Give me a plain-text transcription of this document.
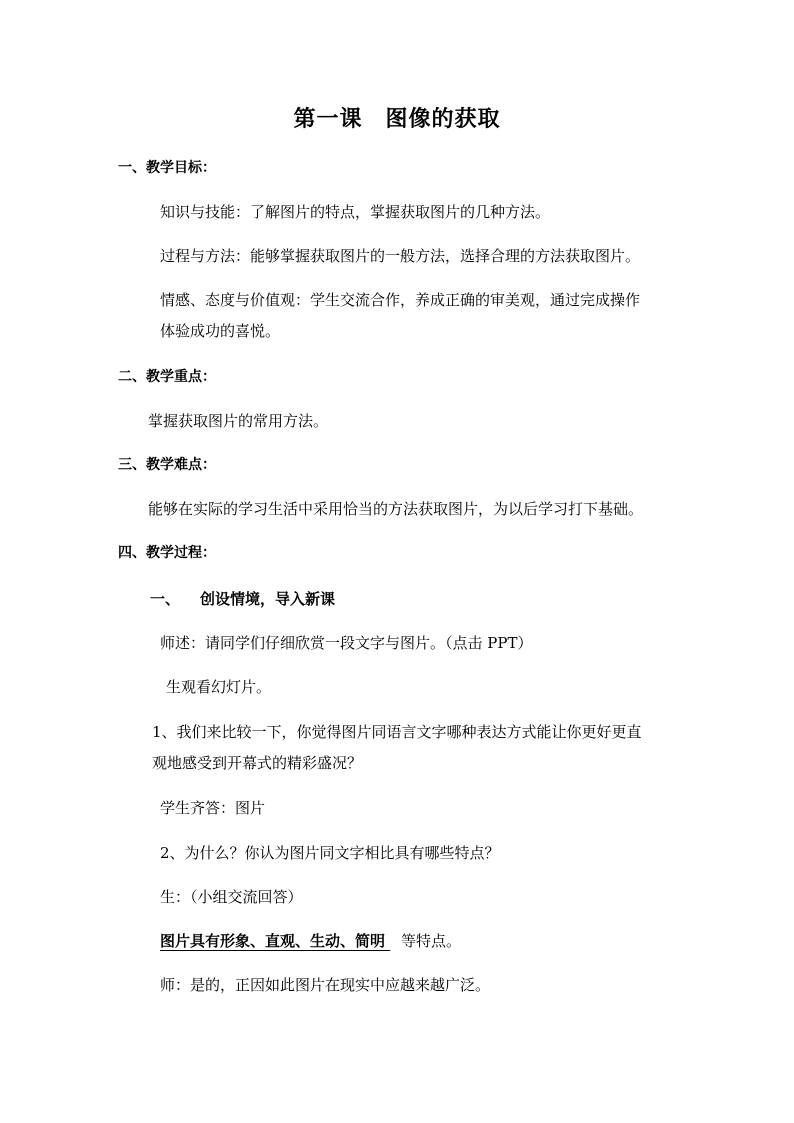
第一课　图像的获取
一、教学目标：
知识与技能：了解图片的特点，掌握获取图片的几种方法。
过程与方法：能够掌握获取图片的一般方法，选择合理的方法获取图片。
情感、态度与价值观：学生交流合作，养成正确的审美观，通过完成操作
体验成功的喜悦。
二、教学重点：
掌握获取图片的常用方法。
三、教学难点：
能够在实际的学习生活中采用恰当的方法获取图片，为以后学习打下基础。
四、教学过程：
一、 创设情境，导入新课
师述：请同学们仔细欣赏一段文字与图片。（点击 PPT）
生观看幻灯片。
1、我们来比较一下，你觉得图片同语言文字哪种表达方式能让你更好更直
观地感受到开幕式的精彩盛况？
学生齐答：图片
2、为什么？你认为图片同文字相比具有哪些特点？
生：（小组交流回答）
图片具有形象、直观、生动、简明 等特点。
师：是的，正因如此图片在现实中应越来越广泛。
